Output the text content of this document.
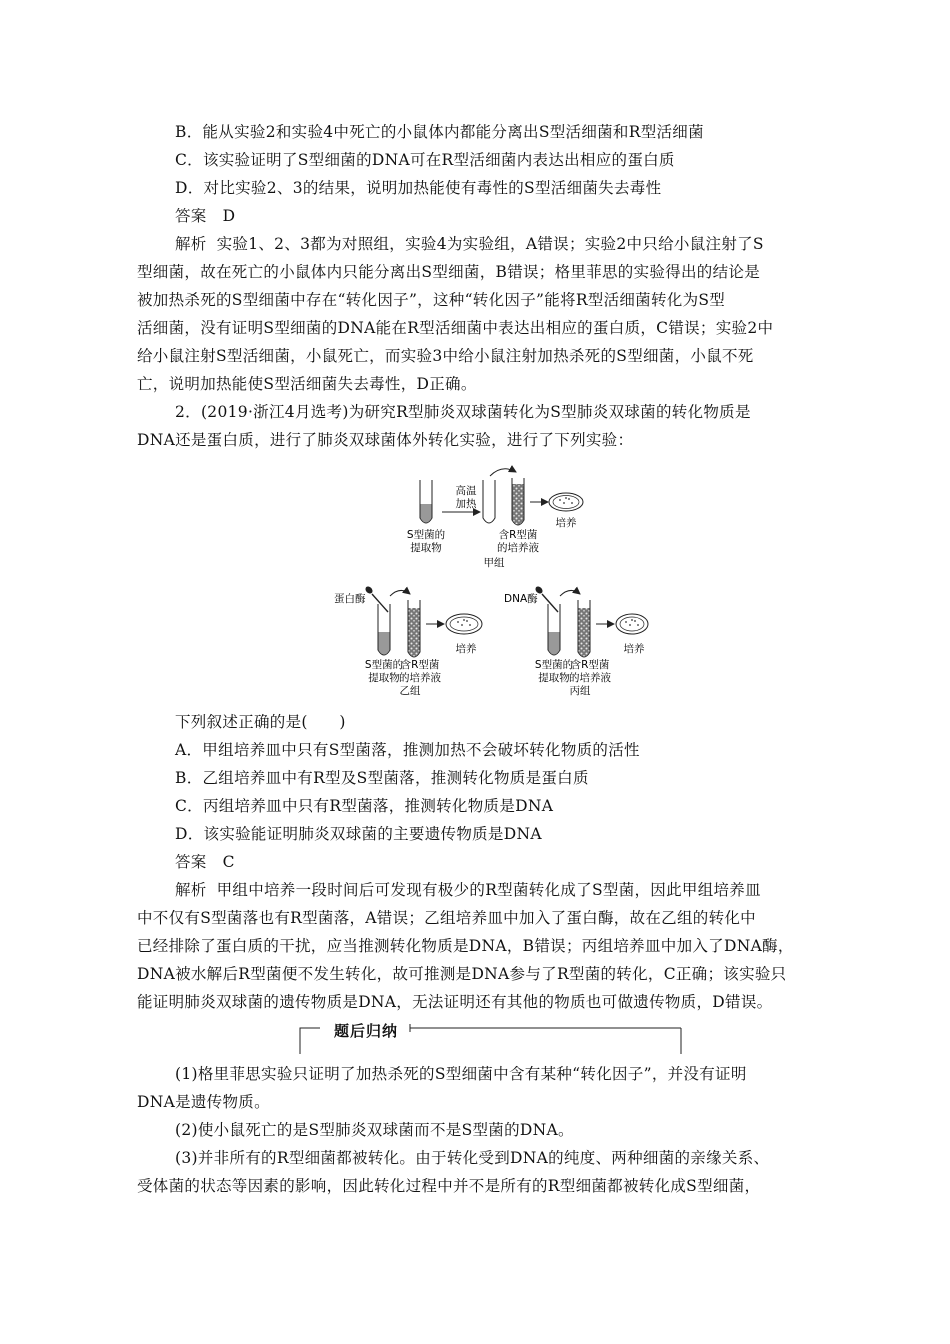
B．能从实验2和实验4中死亡的小鼠体内都能分离出S型活细菌和R型活细菌
C．该实验证明了S型细菌的DNA可在R型活细菌内表达出相应的蛋白质
D．对比实验2、3的结果，说明加热能使有毒性的S型活细菌失去毒性
答案 D
解析 实验1、2、3都为对照组，实验4为实验组，A错误；实验2中只给小鼠注射了S
型细菌，故在死亡的小鼠体内只能分离出S型细菌，B错误；格里菲思的实验得出的结论是
被加热杀死的S型细菌中存在“转化因子”，这种“转化因子”能将R型活细菌转化为S型
活细菌，没有证明S型细菌的DNA能在R型活细菌中表达出相应的蛋白质，C错误；实验2中
给小鼠注射S型活细菌，小鼠死亡，而实验3中给小鼠注射加热杀死的S型细菌，小鼠不死
亡，说明加热能使S型活细菌失去毒性，D正确。
2．(2019·浙江4月选考)为研究R型肺炎双球菌转化为S型肺炎双球菌的转化物质是
DNA还是蛋白质，进行了肺炎双球菌体外转化实验，进行了下列实验：
S型菌的
提取物
高温
加热
含R型菌
的培养液
培养
甲组
蛋白酶
S型菌的
提取物
含R型菌
的培养液
培养
乙组
DNA酶
S型菌的
提取物
含R型菌
的培养液
培养
丙组
下列叙述正确的是(　　)
A．甲组培养皿中只有S型菌落，推测加热不会破坏转化物质的活性
B．乙组培养皿中有R型及S型菌落，推测转化物质是蛋白质
C．丙组培养皿中只有R型菌落，推测转化物质是DNA
D．该实验能证明肺炎双球菌的主要遗传物质是DNA
答案 C
解析 甲组中培养一段时间后可发现有极少的R型菌转化成了S型菌，因此甲组培养皿
中不仅有S型菌落也有R型菌落，A错误；乙组培养皿中加入了蛋白酶，故在乙组的转化中
已经排除了蛋白质的干扰，应当推测转化物质是DNA，B错误；丙组培养皿中加入了DNA酶，
DNA被水解后R型菌便不发生转化，故可推测是DNA参与了R型菌的转化，C正确；该实验只
能证明肺炎双球菌的遗传物质是DNA，无法证明还有其他的物质也可做遗传物质，D错误。
题后归纳
(1)格里菲思实验只证明了加热杀死的S型细菌中含有某种“转化因子”，并没有证明
DNA是遗传物质。
(2)使小鼠死亡的是S型肺炎双球菌而不是S型菌的DNA。
(3)并非所有的R型细菌都被转化。由于转化受到DNA的纯度、两种细菌的亲缘关系、
受体菌的状态等因素的影响，因此转化过程中并不是所有的R型细菌都被转化成S型细菌，
